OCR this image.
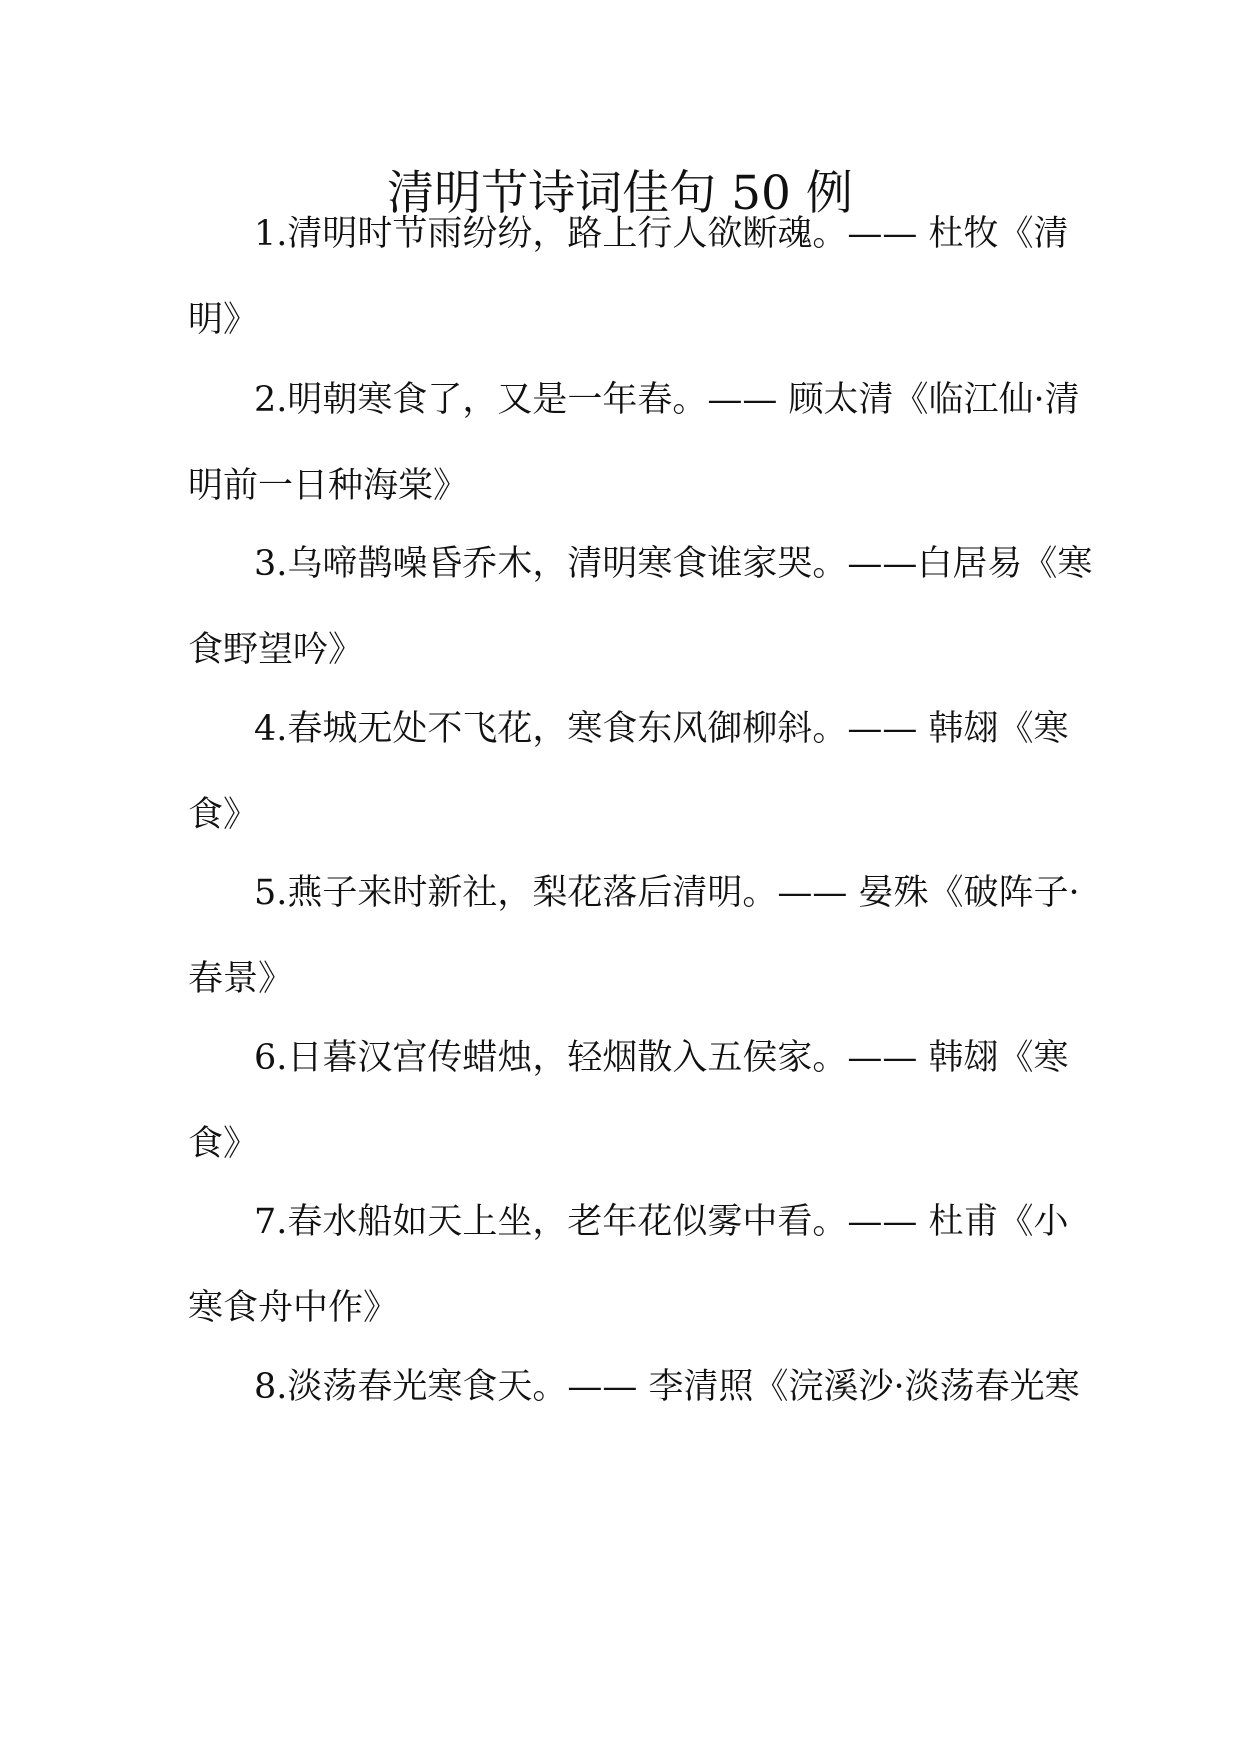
清明节诗词佳句 50 例
1.清明时节雨纷纷，路上行人欲断魂。—— 杜牧《清
明》
2.明朝寒食了，又是一年春。—— 顾太清《临江仙·清
明前一日种海棠》
3.乌啼鹊噪昏乔木，清明寒食谁家哭。——白居易《寒
食野望吟》
4.春城无处不飞花，寒食东风御柳斜。—— 韩翃《寒
食》
5.燕子来时新社，梨花落后清明。—— 晏殊《破阵子·
春景》
6.日暮汉宫传蜡烛，轻烟散入五侯家。—— 韩翃《寒
食》
7.春水船如天上坐，老年花似雾中看。—— 杜甫《小
寒食舟中作》
8.淡荡春光寒食天。—— 李清照《浣溪沙·淡荡春光寒
